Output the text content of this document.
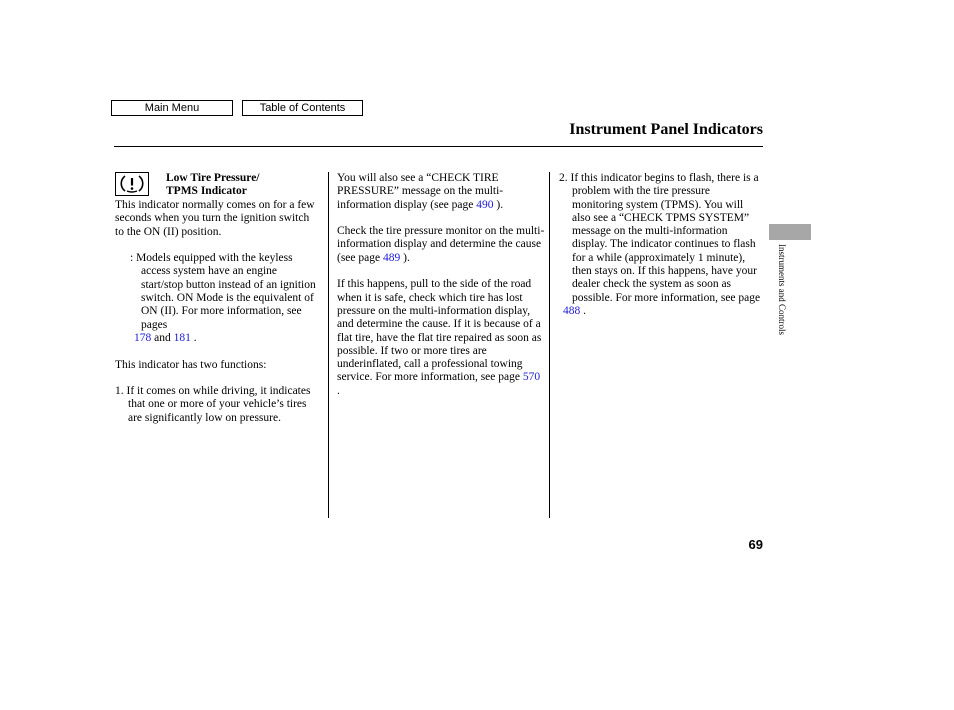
Main Menu	Table of Contents
Instrument Panel Indicators
Instruments and Controls
Low Tire Pressure/
TPMS Indicator

This indicator normally comes on for a few seconds when you turn the ignition switch to the ON (II) position.

: Models equipped with the keyless access system have an engine start/stop button instead of an ignition switch. ON Mode is the equivalent of ON (II). For more information, see pages
178 and 181 .

This indicator has two functions:

1. If it comes on while driving, it indicates that one or more of your vehicle’s tires are significantly low on pressure.

You will also see a “CHECK TIRE PRESSURE” message on the multi-information display (see page 490 ).

Check the tire pressure monitor on the multi-information display and determine the cause (see page 489 ).

If this happens, pull to the side of the road when it is safe, check which tire has lost pressure on the multi-information display, and determine the cause. If it is because of a flat tire, have the flat tire repaired as soon as possible. If two or more tires are underinflated, call a professional towing service. For more information, see page 570 .

2. If this indicator begins to flash, there is a problem with the tire pressure monitoring system (TPMS). You will also see a “CHECK TPMS SYSTEM” message on the multi-information display. The indicator continues to flash for a while (approximately 1 minute), then stays on. If this happens, have your dealer check the system as soon as possible. For more information, see page
488 .

69
